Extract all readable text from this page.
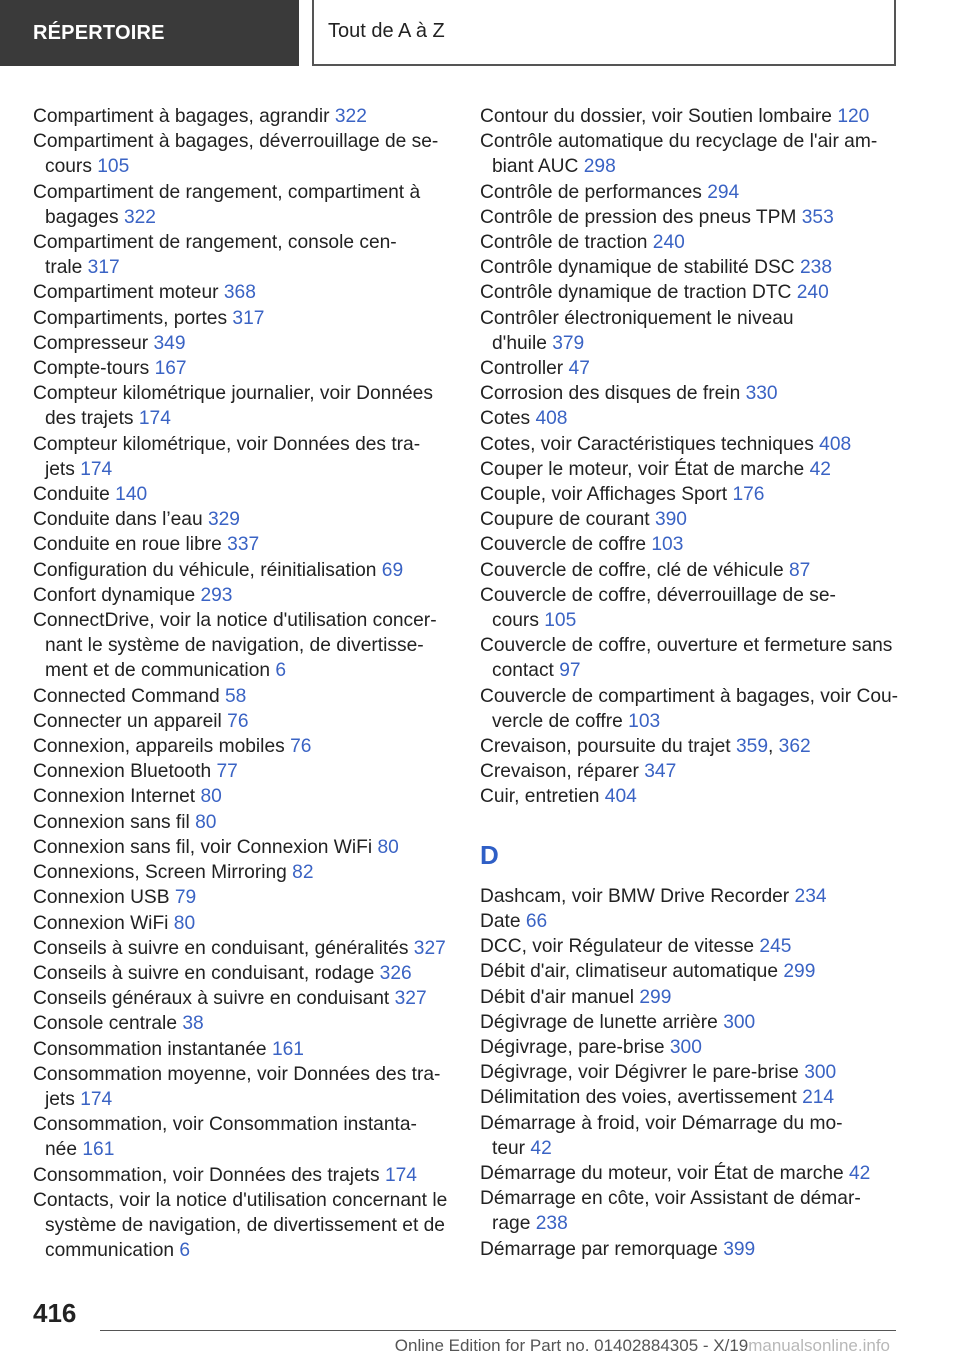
RÉPERTOIRE	Tout de A à Z
Compartiment à bagages, agrandir 322
Compartiment à bagages, déverrouillage de se-
cours 105
Compartiment de rangement, compartiment à
bagages 322
Compartiment de rangement, console cen-
trale 317
Compartiment moteur 368
Compartiments, portes 317
Compresseur 349
Compte-tours 167
Compteur kilométrique journalier, voir Données
des trajets 174
Compteur kilométrique, voir Données des tra-
jets 174
Conduite 140
Conduite dans l’eau 329
Conduite en roue libre 337
Configuration du véhicule, réinitialisation 69
Confort dynamique 293
ConnectDrive, voir la notice d'utilisation concer-
nant le système de navigation, de divertisse-
ment et de communication 6
Connected Command 58
Connecter un appareil 76
Connexion, appareils mobiles 76
Connexion Bluetooth 77
Connexion Internet 80
Connexion sans fil 80
Connexion sans fil, voir Connexion WiFi 80
Connexions, Screen Mirroring 82
Connexion USB 79
Connexion WiFi 80
Conseils à suivre en conduisant, généralités 327
Conseils à suivre en conduisant, rodage 326
Conseils généraux à suivre en conduisant 327
Console centrale 38
Consommation instantanée 161
Consommation moyenne, voir Données des tra-
jets 174
Consommation, voir Consommation instanta-
née 161
Consommation, voir Données des trajets 174
Contacts, voir la notice d'utilisation concernant le
système de navigation, de divertissement et de
communication 6
Contour du dossier, voir Soutien lombaire 120
Contrôle automatique du recyclage de l'air am-
biant AUC 298
Contrôle de performances 294
Contrôle de pression des pneus TPM 353
Contrôle de traction 240
Contrôle dynamique de stabilité DSC 238
Contrôle dynamique de traction DTC 240
Contrôler électroniquement le niveau
d'huile 379
Controller 47
Corrosion des disques de frein 330
Cotes 408
Cotes, voir Caractéristiques techniques 408
Couper le moteur, voir État de marche 42
Couple, voir Affichages Sport 176
Coupure de courant 390
Couvercle de coffre 103
Couvercle de coffre, clé de véhicule 87
Couvercle de coffre, déverrouillage de se-
cours 105
Couvercle de coffre, ouverture et fermeture sans
contact 97
Couvercle de compartiment à bagages, voir Cou-
vercle de coffre 103
Crevaison, poursuite du trajet 359, 362
Crevaison, réparer 347
Cuir, entretien 404
D
Dashcam, voir BMW Drive Recorder 234
Date 66
DCC, voir Régulateur de vitesse 245
Débit d'air, climatiseur automatique 299
Débit d'air manuel 299
Dégivrage de lunette arrière 300
Dégivrage, pare-brise 300
Dégivrage, voir Dégivrer le pare-brise 300
Délimitation des voies, avertissement 214
Démarrage à froid, voir Démarrage du mo-
teur 42
Démarrage du moteur, voir État de marche 42
Démarrage en côte, voir Assistant de démar-
rage 238
Démarrage par remorquage 399
416
Online Edition for Part no. 01402884305 - X/19manualsonline.info
